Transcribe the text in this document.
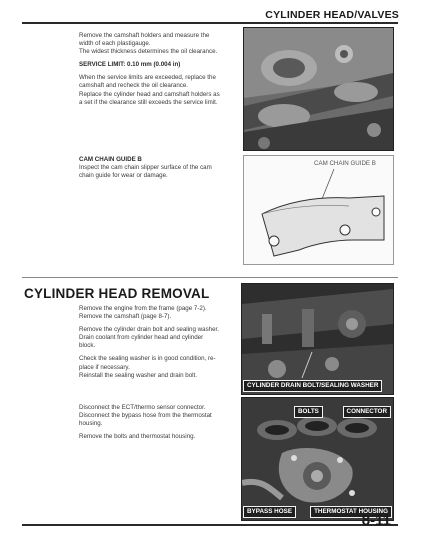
CYLINDER HEAD/VALVES

Remove the camshaft holders and measure the

width of each plastigauge.

The widest thickness determines the oil clearance.

SERVICE LIMIT: 0.10 mm (0.004 in)

When the service limits are exceeded, replace the

camshaft and recheck the oil clearance.

Replace the cylinder head and camshaft holders as

a set if the clearance still exceeds the service limit.

CAM CHAIN GUIDE B

Inspect the cam chain slipper surface of the cam

chain guide for wear or damage.

CAM CHAIN GUIDE B
CYLINDER HEAD REMOVAL

Remove the engine from the frame (page 7-2).

Remove the camshaft (page 8-7).

Remove the cylinder drain bolt and sealing washer.

Drain coolant from cylinder head and cylinder

block.

Check the sealing washer is in good condition, re-

place if necessary.

Reinstall the sealing washer and drain bolt.

CYLINDER DRAIN BOLT/SEALING WASHER

Disconnect the ECT/thermo sensor connector.

Disconnect the bypass hose from the thermostat

housing.

Remove the bolts and thermostat housing.

BOLTS	CONNECTOR
BYPASS HOSE	THERMOSTAT HOUSING
8-11
